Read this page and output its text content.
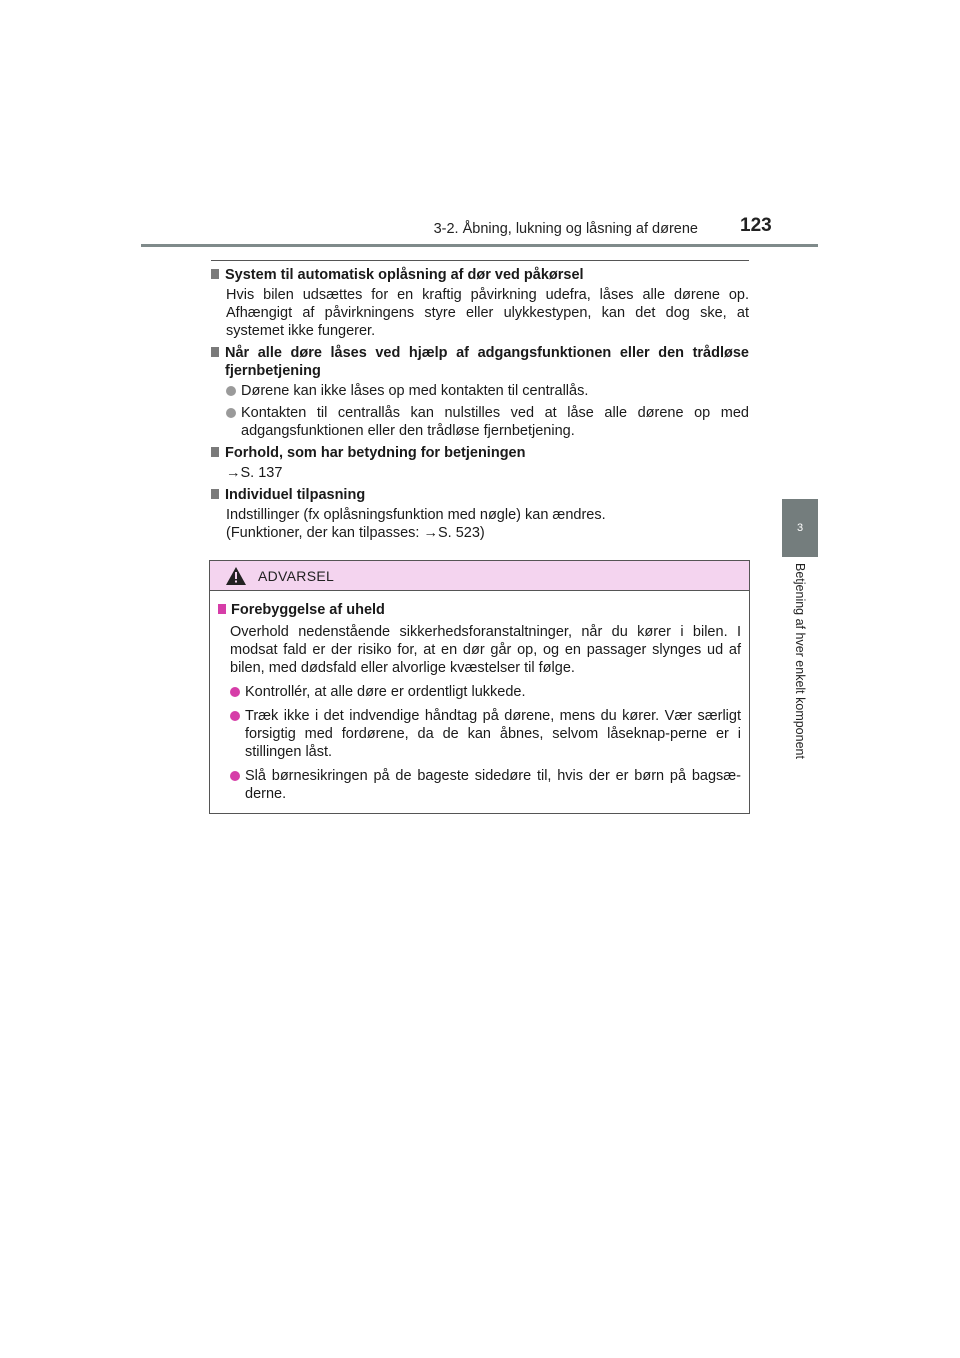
3-2. Åbning, lukning og låsning af dørene 123
3
Betjening af hver enkelt komponent
System til automatisk oplåsning af dør ved påkørsel

Hvis bilen udsættes for en kraftig påvirkning udefra, låses alle dørene op. Afhængigt af påvirkningens styre eller ulykkestypen, kan det dog ske, at systemet ikke fungerer.

Når alle døre låses ved hjælp af adgangsfunktionen eller den trådløse fjernbetjening
Dørene kan ikke låses op med kontakten til centrallås.
Kontakten til centrallås kan nulstilles ved at låse alle dørene op med adgangsfunktionen eller den trådløse fjernbetjening.
Forhold, som har betydning for betjeningen

→S. 137

Individuel tilpasning
Indstillinger (fx oplåsningsfunktion med nøgle) kan ændres.
(Funktioner, der kan tilpasses: →S. 523)
ADVARSEL
Forebyggelse af uheld

Overhold nedenstående sikkerhedsforanstaltninger, når du kører i bilen. I modsat fald er der risiko for, at en dør går op, og en passager slynges ud af bilen, med dødsfald eller alvorlige kvæstelser til følge.

Kontrollér, at alle døre er ordentligt lukkede.
Træk ikke i det indvendige håndtag på dørene, mens du kører. Vær særligt forsigtig med fordørene, da de kan åbnes, selvom låseknap-perne er i stillingen låst.
Slå børnesikringen på de bageste sidedøre til, hvis der er børn på bagsæ-derne.
